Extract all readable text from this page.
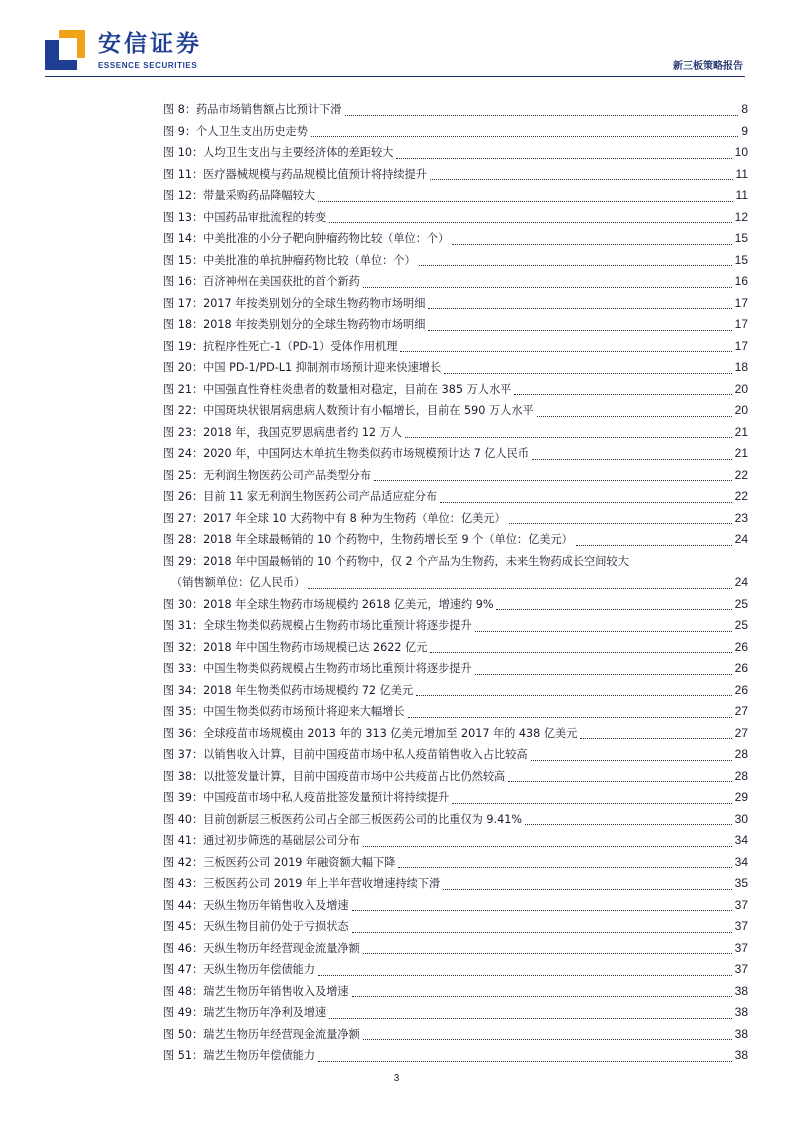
安信证券
ESSENCE SECURITIES	新三板策略报告
图 8：药品市场销售额占比预计下滑	8
图 9：个人卫生支出历史走势	9
图 10：人均卫生支出与主要经济体的差距较大	10
图 11：医疗器械规模与药品规模比值预计将持续提升	11
图 12：带量采购药品降幅较大	11
图 13：中国药品审批流程的转变	12
图 14：中美批准的小分子靶向肿瘤药物比较（单位：个）	15
图 15：中美批准的单抗肿瘤药物比较（单位：个）	15
图 16：百济神州在美国获批的首个新药	16
图 17：2017 年按类别划分的全球生物药物市场明细	17
图 18：2018 年按类别划分的全球生物药物市场明细	17
图 19：抗程序性死亡-1（PD-1）受体作用机理	17
图 20：中国 PD-1/PD-L1 抑制剂市场预计迎来快速增长	18
图 21：中国强直性脊柱炎患者的数量相对稳定，目前在 385 万人水平	20
图 22：中国斑块状银屑病患病人数预计有小幅增长，目前在 590 万人水平	20
图 23：2018 年，我国克罗恩病患者约 12 万人	21
图 24：2020 年，中国阿达木单抗生物类似药市场规模预计达 7 亿人民币	21
图 25：无利润生物医药公司产品类型分布	22
图 26：目前 11 家无利润生物医药公司产品适应症分布	22
图 27：2017 年全球 10 大药物中有 8 种为生物药（单位：亿美元）	23
图 28：2018 年全球最畅销的 10 个药物中，生物药增长至 9 个（单位：亿美元）	24
图 29：2018 年中国最畅销的 10 个药物中，仅 2 个产品为生物药，未来生物药成长空间较大
（销售额单位：亿人民币）	24
图 30：2018 年全球生物药市场规模约 2618 亿美元，增速约 9%	25
图 31：全球生物类似药规模占生物药市场比重预计将逐步提升	25
图 32：2018 年中国生物药市场规模已达 2622 亿元	26
图 33：中国生物类似药规模占生物药市场比重预计将逐步提升	26
图 34：2018 年生物类似药市场规模约 72 亿美元	26
图 35：中国生物类似药市场预计将迎来大幅增长	27
图 36：全球疫苗市场规模由 2013 年的 313 亿美元增加至 2017 年的 438 亿美元	27
图 37：以销售收入计算，目前中国疫苗市场中私人疫苗销售收入占比较高	28
图 38：以批签发量计算，目前中国疫苗市场中公共疫苗占比仍然较高	28
图 39：中国疫苗市场中私人疫苗批签发量预计将持续提升	29
图 40：目前创新层三板医药公司占全部三板医药公司的比重仅为 9.41%	30
图 41：通过初步筛选的基础层公司分布	34
图 42：三板医药公司 2019 年融资额大幅下降	34
图 43：三板医药公司 2019 年上半年营收增速持续下滑	35
图 44：天纵生物历年销售收入及增速	37
图 45：天纵生物目前仍处于亏损状态	37
图 46：天纵生物历年经营现金流量净额	37
图 47：天纵生物历年偿债能力	37
图 48：瑞艺生物历年销售收入及增速	38
图 49：瑞艺生物历年净利及增速	38
图 50：瑞艺生物历年经营现金流量净额	38
图 51：瑞艺生物历年偿债能力	38
3
